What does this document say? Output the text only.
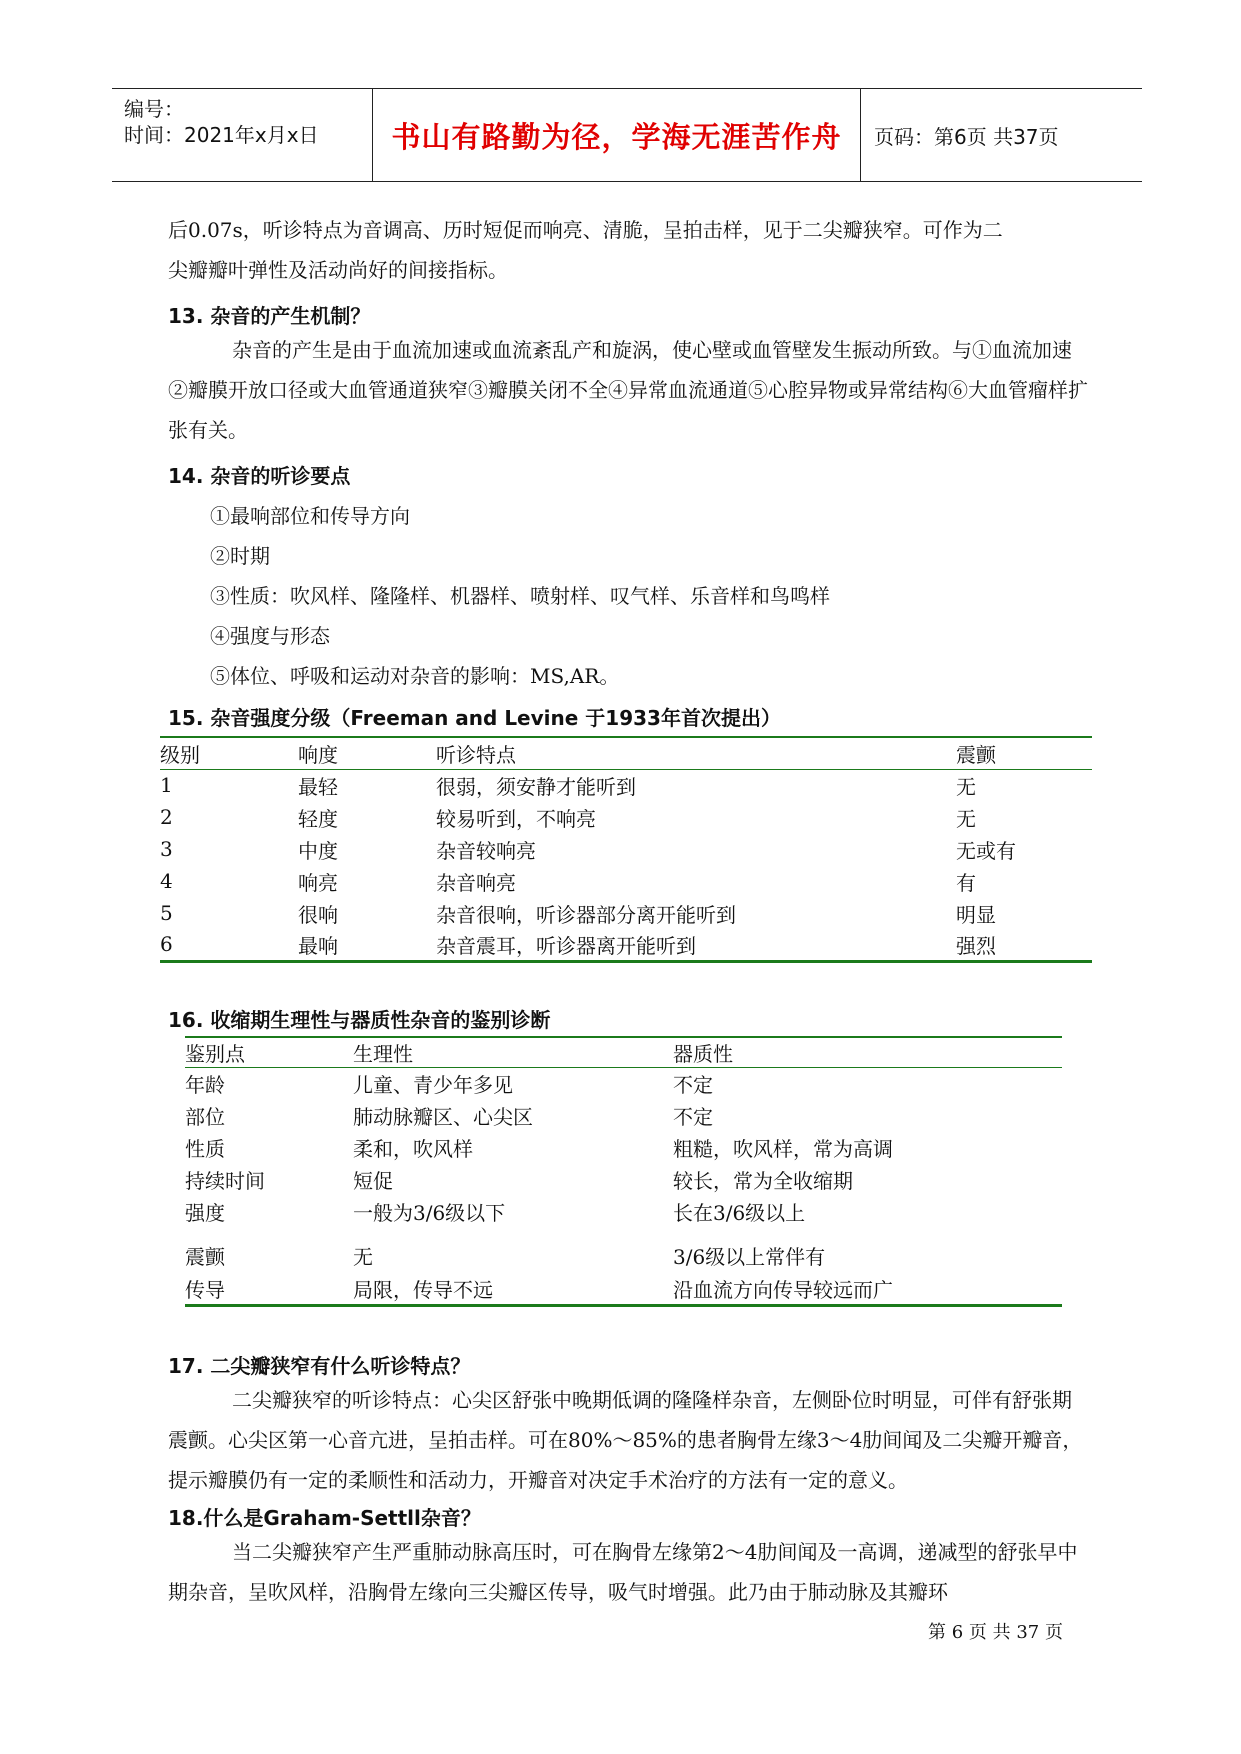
编号：
时间：2021年x月x日	书山有路勤为径，学海无涯苦作舟 页码：第6页 共37页
后0.07s，听诊特点为音调高、历时短促而响亮、清脆，呈拍击样，见于二尖瓣狭窄。可作为二
尖瓣瓣叶弹性及活动尚好的间接指标。
13. 杂音的产生机制？

杂音的产生是由于血流加速或血流紊乱产和旋涡，使心壁或血管壁发生振动所致。与①血流加速②瓣膜开放口径或大血管通道狭窄③瓣膜关闭不全④异常血流通道⑤心腔异物或异常结构⑥大血管瘤样扩张有关。

14. 杂音的听诊要点
①最响部位和传导方向
②时期
③性质：吹风样、隆隆样、机器样、喷射样、叹气样、乐音样和鸟鸣样
④强度与形态
⑤体位、呼吸和运动对杂音的影响：MS,AR。
15. 杂音强度分级（Freeman and Levine 于1933年首次提出）
级别	响度	听诊特点	震颤
1	最轻	很弱，须安静才能听到	无
2	轻度	较易听到，不响亮	无
3	中度	杂音较响亮	无或有
4	响亮	杂音响亮	有
5	很响	杂音很响，听诊器部分离开能听到	明显
6	最响	杂音震耳，听诊器离开能听到	强烈
16. 收缩期生理性与器质性杂音的鉴别诊断
鉴别点	生理性	器质性
年龄	儿童、青少年多见	不定
部位	肺动脉瓣区、心尖区	不定
性质	柔和，吹风样	粗糙，吹风样，常为高调
持续时间	短促	较长，常为全收缩期
强度	一般为3/6级以下	长在3/6级以上
震颤	无	3/6级以上常伴有
传导	局限，传导不远	沿血流方向传导较远而广
17. 二尖瓣狭窄有什么听诊特点？

二尖瓣狭窄的听诊特点：心尖区舒张中晚期低调的隆隆样杂音，左侧卧位时明显，可伴有舒张期震颤。心尖区第一心音亢进，呈拍击样。可在80%～85%的患者胸骨左缘3～4肋间闻及二尖瓣开瓣音，提示瓣膜仍有一定的柔顺性和活动力，开瓣音对决定手术治疗的方法有一定的意义。

18.什么是Graham-Settll杂音？

当二尖瓣狭窄产生严重肺动脉高压时，可在胸骨左缘第2～4肋间闻及一高调，递减型的舒张早中期杂音，呈吹风样，沿胸骨左缘向三尖瓣区传导，吸气时增强。此乃由于肺动脉及其瓣环

第 6 页 共 37 页
